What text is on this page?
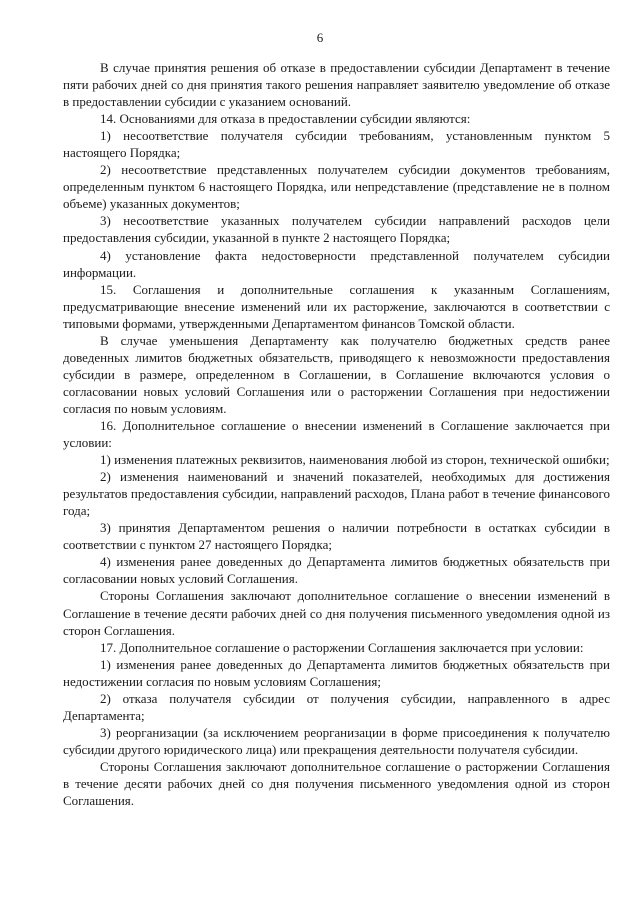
6

В случае принятия решения об отказе в предоставлении субсидии Департамент в течение пяти рабочих дней со дня принятия такого решения направляет заявителю уведомление об отказе в предоставлении субсидии с указанием оснований.

14. Основаниями для отказа в предоставлении субсидии являются:

1) несоответствие получателя субсидии требованиям, установленным пунктом 5 настоящего Порядка;

2) несоответствие представленных получателем субсидии документов требованиям, определенным пунктом 6 настоящего Порядка, или непредставление (представление не в полном объеме) указанных документов;

3) несоответствие указанных получателем субсидии направлений расходов цели предоставления субсидии, указанной в пункте 2 настоящего Порядка;

4) установление факта недостоверности представленной получателем субсидии информации.

15. Соглашения и дополнительные соглашения к указанным Соглашениям, предусматривающие внесение изменений или их расторжение, заключаются в соответствии с типовыми формами, утвержденными Департаментом финансов Томской области.

В случае уменьшения Департаменту как получателю бюджетных средств ранее доведенных лимитов бюджетных обязательств, приводящего к невозможности предоставления субсидии в размере, определенном в Соглашении, в Соглашение включаются условия о согласовании новых условий Соглашения или о расторжении Соглашения при недостижении согласия по новым условиям.

16. Дополнительное соглашение о внесении изменений в Соглашение заключается при условии:

1) изменения платежных реквизитов, наименования любой из сторон, технической ошибки;

2) изменения наименований и значений показателей, необходимых для достижения результатов предоставления субсидии, направлений расходов, Плана работ в течение финансового года;

3) принятия Департаментом решения о наличии потребности в остатках субсидии в соответствии с пунктом 27 настоящего Порядка;

4) изменения ранее доведенных до Департамента лимитов бюджетных обязательств при согласовании новых условий Соглашения.

Стороны Соглашения заключают дополнительное соглашение о внесении изменений в Соглашение в течение десяти рабочих дней со дня получения письменного уведомления одной из сторон Соглашения.

17. Дополнительное соглашение о расторжении Соглашения заключается при условии:

1) изменения ранее доведенных до Департамента лимитов бюджетных обязательств при недостижении согласия по новым условиям Соглашения;

2) отказа получателя субсидии от получения субсидии, направленного в адрес Департамента;

3) реорганизации (за исключением реорганизации в форме присоединения к получателю субсидии другого юридического лица) или прекращения деятельности получателя субсидии.

Стороны Соглашения заключают дополнительное соглашение о расторжении Соглашения в течение десяти рабочих дней со дня получения письменного уведомления одной из сторон Соглашения.
